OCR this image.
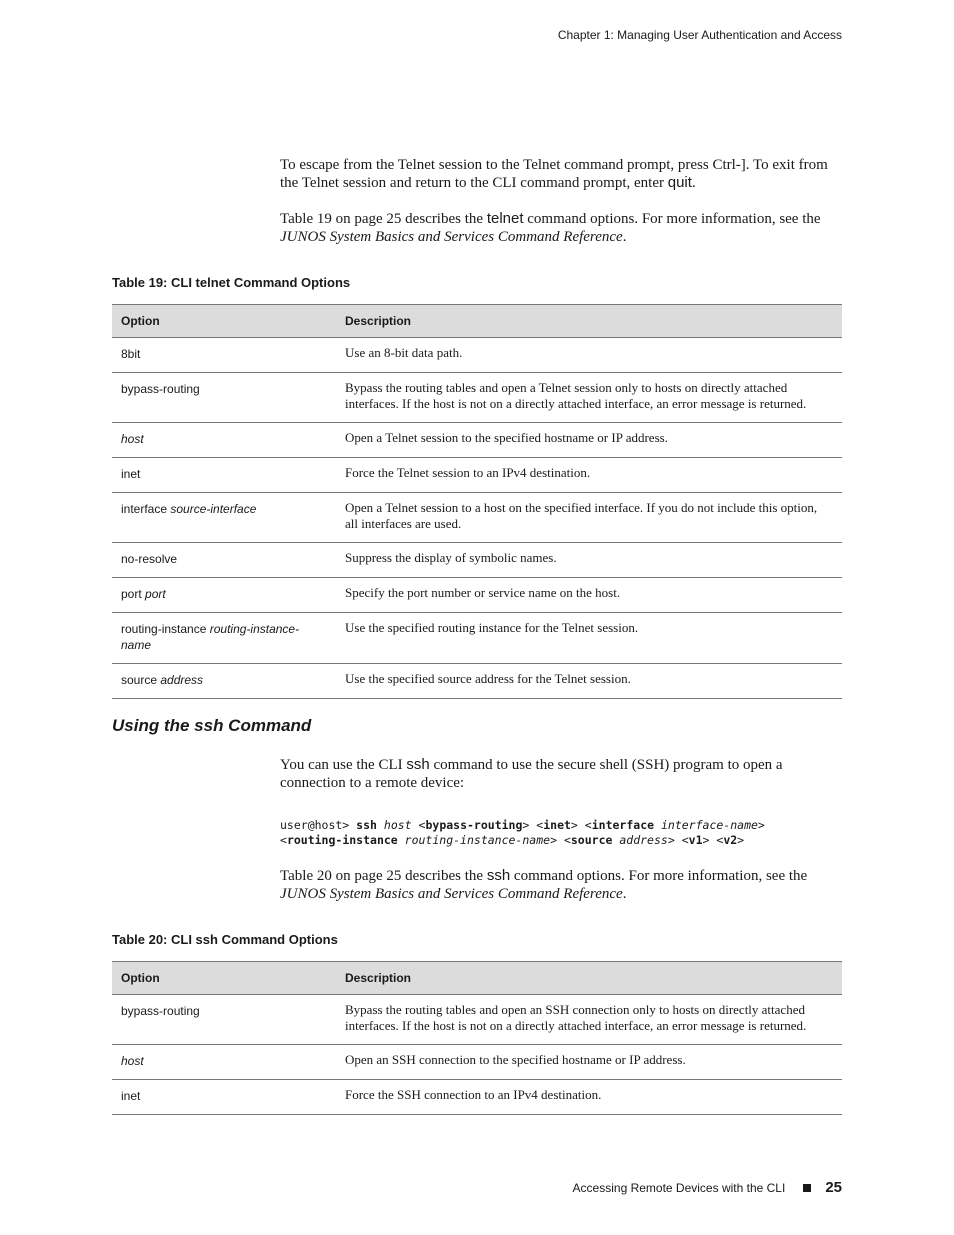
Chapter 1: Managing User Authentication and Access

To escape from the Telnet session to the Telnet command prompt, press Ctrl-]. To exit from the Telnet session and return to the CLI command prompt, enter quit.

Table 19 on page 25 describes the telnet command options. For more information, see the JUNOS System Basics and Services Command Reference.

Table 19: CLI telnet Command Options
Option	Description
8bit	Use an 8-bit data path.
bypass-routing	Bypass the routing tables and open a Telnet session only to hosts on directly attached interfaces. If the host is not on a directly attached interface, an error message is returned.
host	Open a Telnet session to the specified hostname or IP address.
inet	Force the Telnet session to an IPv4 destination.
interface source-interface	Open a Telnet session to a host on the specified interface. If you do not include this option, all interfaces are used.
no-resolve	Suppress the display of symbolic names.
port port	Specify the port number or service name on the host.
routing-instance routing-instance-name	Use the specified routing instance for the Telnet session.
source address	Use the specified source address for the Telnet session.
Using the ssh Command

You can use the CLI ssh command to use the secure shell (SSH) program to open a connection to a remote device:

user@host> ssh host <bypass-routing> <inet> <interface interface-name>
<routing-instance routing-instance-name> <source address> <v1> <v2>

Table 20 on page 25 describes the ssh command options. For more information, see the JUNOS System Basics and Services Command Reference.

Table 20: CLI ssh Command Options
Option	Description
bypass-routing	Bypass the routing tables and open an SSH connection only to hosts on directly attached interfaces. If the host is not on a directly attached interface, an error message is returned.
host	Open an SSH connection to the specified hostname or IP address.
inet	Force the SSH connection to an IPv4 destination.
Accessing Remote Devices with the CLI	25
